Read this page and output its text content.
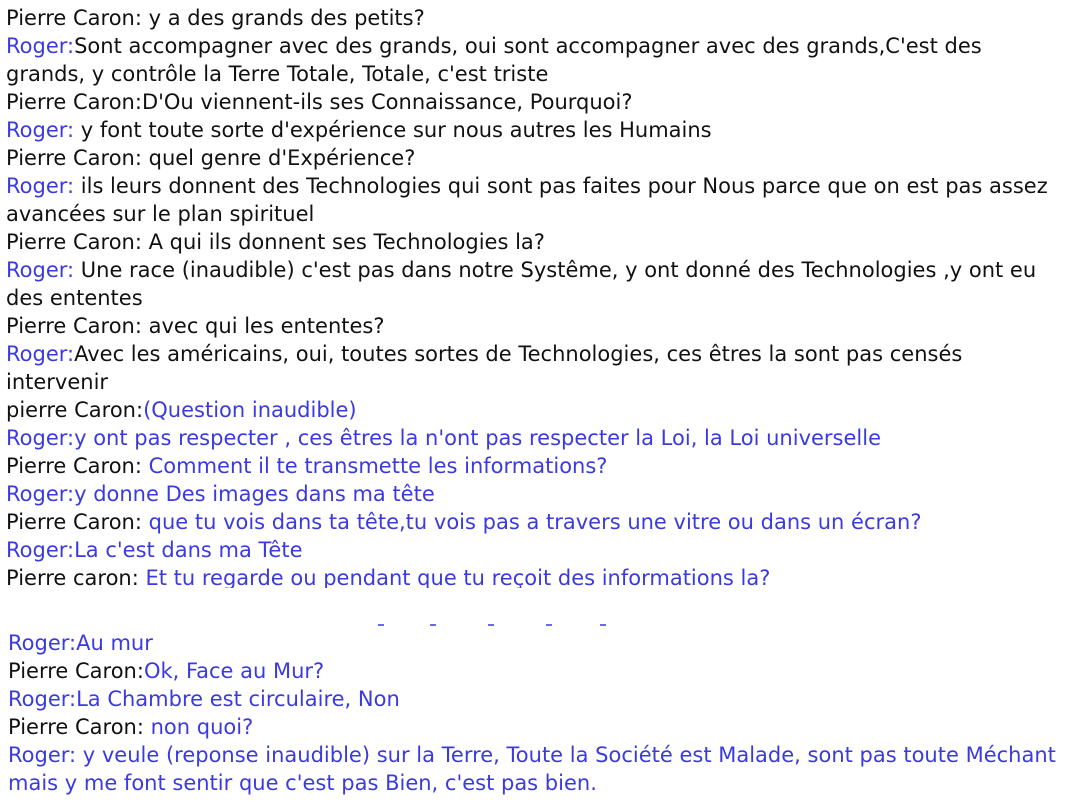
Pierre Caron: y a des grands des petits?

Roger:Sont accompagner avec des grands, oui sont accompagner avec des grands,C'est des grands, y contrôle la Terre Totale, Totale, c'est triste

Pierre Caron:D'Ou viennent-ils ses Connaissance, Pourquoi?

Roger: y font toute sorte d'expérience sur nous autres les Humains

Pierre Caron: quel genre d'Expérience?

Roger: ils leurs donnent des Technologies qui sont pas faites pour Nous parce que on est pas assez avancées sur le plan spirituel

Pierre Caron: A qui ils donnent ses Technologies la?

Roger: Une race (inaudible) c'est pas dans notre Systême, y ont donné des Technologies ,y ont eu des ententes

Pierre Caron: avec qui les ententes?

Roger:Avec les américains, oui, toutes sortes de Technologies, ces êtres la sont pas censés intervenir

pierre Caron:(Question inaudible)

Roger:y ont pas respecter , ces êtres la n'ont pas respecter la Loi, la Loi universelle

Pierre Caron: Comment il te transmette les informations?

Roger:y donne Des images dans ma tête

Pierre Caron: que tu vois dans ta tête,tu vois pas a travers une vitre ou dans un écran?

Roger:La c'est dans ma Tête

Pierre caron: Et tu regarde ou pendant que tu reçoit des informations la?

Roger:Au mur

Pierre Caron:Ok, Face au Mur?

Roger:La Chambre est circulaire, Non

Pierre Caron: non quoi?

Roger: y veule (reponse inaudible) sur la Terre, Toute la Société est Malade, sont pas toute Méchant mais y me font sentir que c'est pas Bien, c'est pas bien.
